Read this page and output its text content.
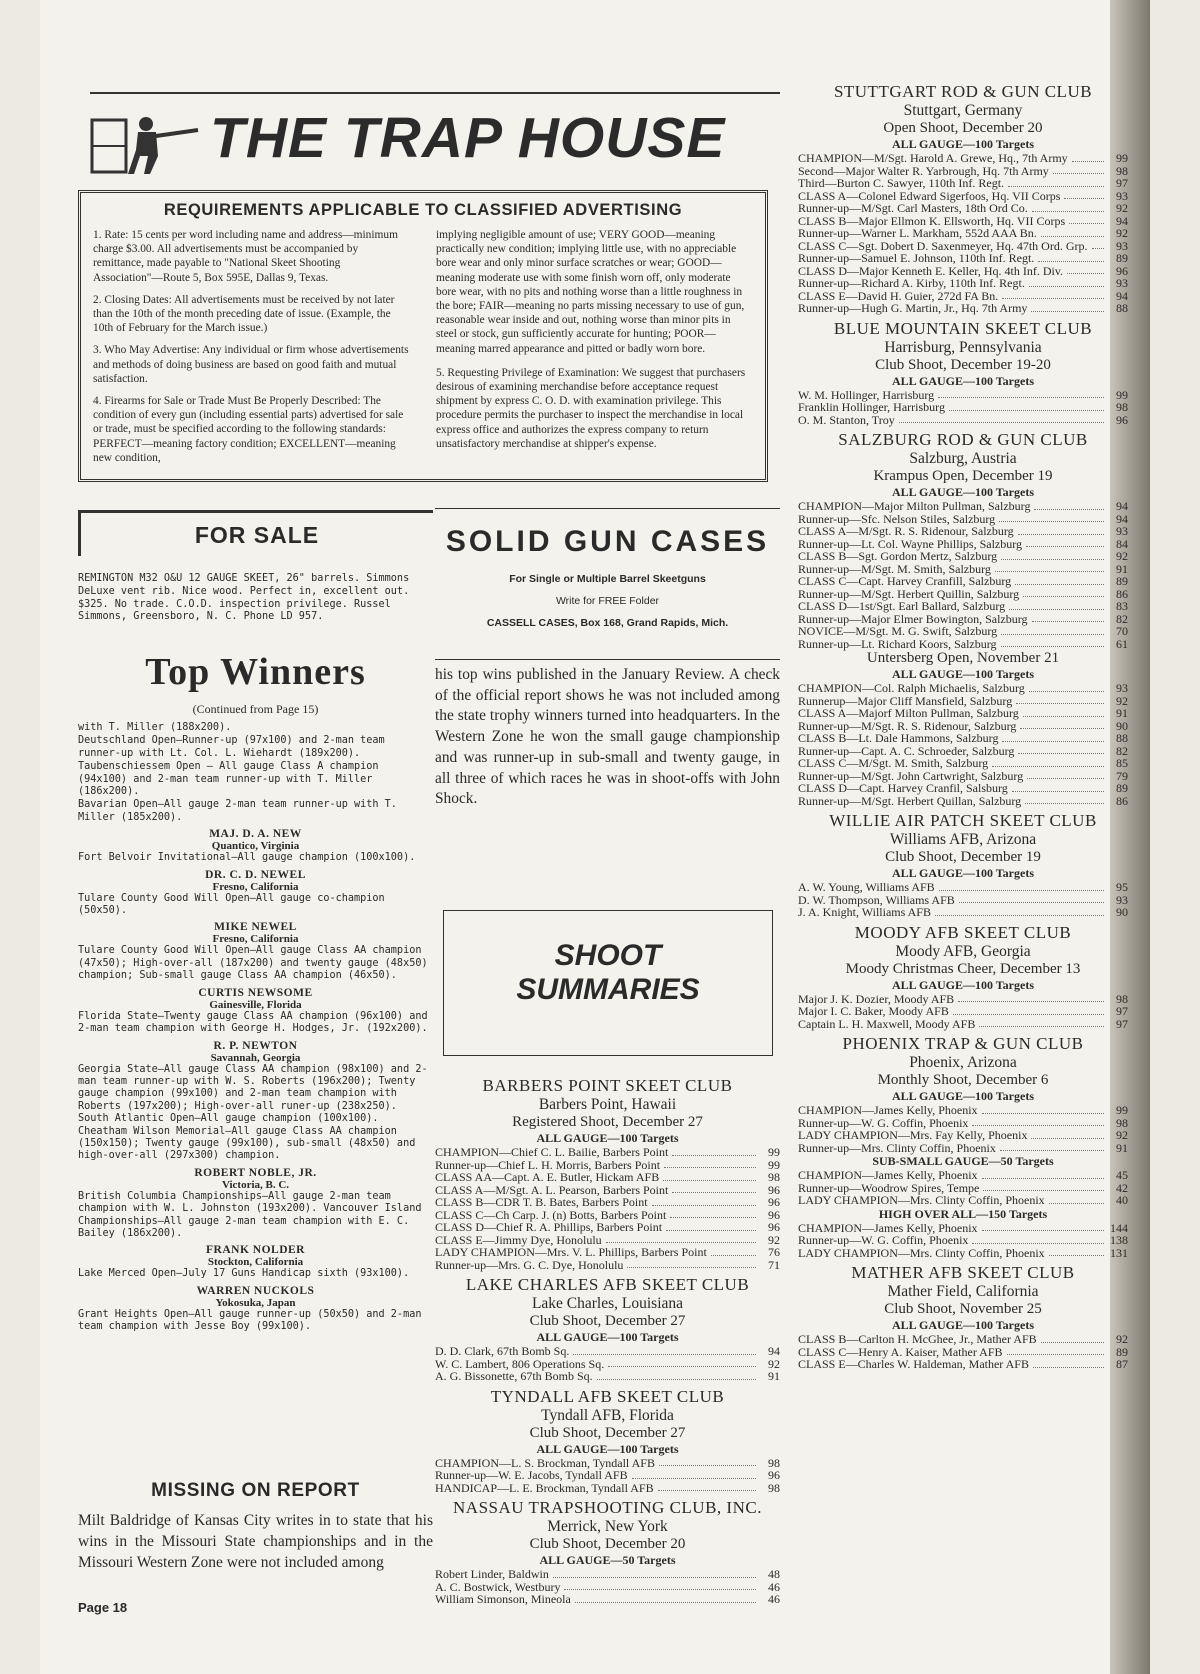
THE TRAP HOUSE
REQUIREMENTS APPLICABLE TO CLASSIFIED ADVERTISING

1. Rate: 15 cents per word including name and address—minimum charge $3.00. All advertisements must be accompanied by remittance, made payable to "National Skeet Shooting Association"—Route 5, Box 595E, Dallas 9, Texas.

2. Closing Dates: All advertisements must be received by not later than the 10th of the month preceding date of issue. (Example, the 10th of February for the March issue.)

3. Who May Advertise: Any individual or firm whose advertisements and methods of doing business are based on good faith and mutual satisfaction.

4. Firearms for Sale or Trade Must Be Properly Described: The condition of every gun (including essential parts) advertised for sale or trade, must be specified according to the following standards: PERFECT—meaning factory condition; EXCELLENT—meaning new condition,

implying negligible amount of use; VERY GOOD—meaning practically new condition; implying little use, with no appreciable bore wear and only minor surface scratches or wear; GOOD—meaning moderate use with some finish worn off, only moderate bore wear, with no pits and nothing worse than a little roughness in the bore; FAIR—meaning no parts missing necessary to use of gun, reasonable wear inside and out, nothing worse than minor pits in steel or stock, gun sufficiently accurate for hunting; POOR—meaning marred appearance and pitted or badly worn bore.

5. Requesting Privilege of Examination: We suggest that purchasers desirous of examining merchandise before acceptance request shipment by express C. O. D. with examination privilege. This procedure permits the purchaser to inspect the merchandise in local express office and authorizes the express company to return unsatisfactory merchandise at shipper's expense.

FOR SALE

REMINGTON M32 O&U 12 GAUGE SKEET, 26" barrels. Simmons DeLuxe vent rib. Nice wood. Perfect in, excellent out. $325. No trade. C.O.D. inspection privilege. Russel Simmons, Greensboro, N. C. Phone LD 957.

Top Winners
(Continued from Page 15)

with T. Miller (188x200).

Deutschland Open—Runner-up (97x100) and 2-man team runner-up with Lt. Col. L. Wiehardt (189x200).

Taubenschiessem Open — All gauge Class A champion (94x100) and 2-man team runner-up with T. Miller (186x200).

Bavarian Open—All gauge 2-man team runner-up with T. Miller (185x200).

MAJ. D. A. NEW
Quantico, Virginia

Fort Belvoir Invitational—All gauge champion (100x100).

DR. C. D. NEWEL
Fresno, California

Tulare County Good Will Open—All gauge co-champion (50x50).

MIKE NEWEL
Fresno, California

Tulare County Good Will Open—All gauge Class AA champion (47x50); High-over-all (187x200) and twenty gauge (48x50) champion; Sub-small gauge Class AA champion (46x50).

CURTIS NEWSOME
Gainesville, Florida

Florida State—Twenty gauge Class AA champion (96x100) and 2-man team champion with George H. Hodges, Jr. (192x200).

R. P. NEWTON
Savannah, Georgia

Georgia State—All gauge Class AA champion (98x100) and 2-man team runner-up with W. S. Roberts (196x200); Twenty gauge champion (99x100) and 2-man team champion with Roberts (197x200); High-over-all runer-up (238x250). South Atlantic Open—All gauge champion (100x100). Cheatham Wilson Memorial—All gauge Class AA champion (150x150); Twenty gauge (99x100), sub-small (48x50) and high-over-all (297x300) champion.

ROBERT NOBLE, JR.
Victoria, B. C.

British Columbia Championships—All gauge 2-man team champion with W. L. Johnston (193x200). Vancouver Island Championships—All gauge 2-man team champion with E. C. Bailey (186x200).

FRANK NOLDER
Stockton, California

Lake Merced Open—July 17 Guns Handicap sixth (93x100).

WARREN NUCKOLS
Yokosuka, Japan

Grant Heights Open—All gauge runner-up (50x50) and 2-man team champion with Jesse Boy (99x100).

MISSING ON REPORT

Milt Baldridge of Kansas City writes in to state that his wins in the Missouri State championships and in the Missouri Western Zone were not included among

Page 18
SOLID GUN CASES
For Single or Multiple Barrel Skeetguns
Write for FREE Folder
CASSELL CASES, Box 168, Grand Rapids, Mich.

his top wins published in the January Review. A check of the official report shows he was not included among the state trophy winners turned into headquarters. In the Western Zone he won the small gauge championship and was runner-up in sub-small and twenty gauge, in all three of which races he was in shoot-offs with John Shock.

SHOOT
SUMMARIES

BARBERS POINT SKEET CLUB

Barbers Point, Hawaii

Registered Shoot, December 27

ALL GAUGE—100 Targets

CHAMPION—Chief C. L. Bailie, Barbers Point	99
Runner-up—Chief L. H. Morris, Barbers Point	99
CLASS AA—Capt. A. E. Butler, Hickam AFB	98
CLASS A—M/Sgt. A. L. Pearson, Barbers Point	96
CLASS B—CDR T. B. Bates, Barbers Point	96
CLASS C—Ch Carp. J. (n) Botts, Barbers Point	96
CLASS D—Chief R. A. Phillips, Barbers Point	96
CLASS E—Jimmy Dye, Honolulu	92
LADY CHAMPION—Mrs. V. L. Phillips, Barbers Point	76
Runner-up—Mrs. G. C. Dye, Honolulu	71

LAKE CHARLES AFB SKEET CLUB

Lake Charles, Louisiana

Club Shoot, December 27

ALL GAUGE—100 Targets

D. D. Clark, 67th Bomb Sq.	94
W. C. Lambert, 806 Operations Sq.	92
A. G. Bissonette, 67th Bomb Sq.	91

TYNDALL AFB SKEET CLUB

Tyndall AFB, Florida

Club Shoot, December 27

ALL GAUGE—100 Targets

CHAMPION—L. S. Brockman, Tyndall AFB	98
Runner-up—W. E. Jacobs, Tyndall AFB	96
HANDICAP—L. E. Brockman, Tyndall AFB	98

NASSAU TRAPSHOOTING CLUB, INC.

Merrick, New York

Club Shoot, December 20

ALL GAUGE—50 Targets

Robert Linder, Baldwin	48
A. C. Bostwick, Westbury	46
William Simonson, Mineola	46

STUTTGART ROD & GUN CLUB

Stuttgart, Germany

Open Shoot, December 20

ALL GAUGE—100 Targets

CHAMPION—M/Sgt. Harold A. Grewe, Hq., 7th Army	99
Second—Major Walter R. Yarbrough, Hq. 7th Army	98
Third—Burton C. Sawyer, 110th Inf. Regt.	97
CLASS A—Colonel Edward Sigerfoos, Hq. VII Corps	93
Runner-up—M/Sgt. Carl Masters, 18th Ord Co.	92
CLASS B—Major Ellmon K. Ellsworth, Hq. VII Corps	94
Runner-up—Warner L. Markham, 552d AAA Bn.	92
CLASS C—Sgt. Dobert D. Saxenmeyer, Hq. 47th Ord. Grp.	93
Runner-up—Samuel E. Johnson, 110th Inf. Regt.	89
CLASS D—Major Kenneth E. Keller, Hq. 4th Inf. Div.	96
Runner-up—Richard A. Kirby, 110th Inf. Regt.	93
CLASS E—David H. Guier, 272d FA Bn.	94
Runner-up—Hugh G. Martin, Jr., Hq. 7th Army	88

BLUE MOUNTAIN SKEET CLUB

Harrisburg, Pennsylvania

Club Shoot, December 19-20

ALL GAUGE—100 Targets

W. M. Hollinger, Harrisburg	99
Franklin Hollinger, Harrisburg	98
O. M. Stanton, Troy	96

SALZBURG ROD & GUN CLUB

Salzburg, Austria

Krampus Open, December 19

ALL GAUGE—100 Targets

CHAMPION—Major Milton Pullman, Salzburg	94
Runner-up—Sfc. Nelson Stiles, Salzburg	94
CLASS A—M/Sgt. R. S. Ridenour, Salzburg	93
Runner-up—Lt. Col. Wayne Phillips, Salzburg	84
CLASS B—Sgt. Gordon Mertz, Salzburg	92
Runner-up—M/Sgt. M. Smith, Salzburg	91
CLASS C—Capt. Harvey Cranfill, Salzburg	89
Runner-up—M/Sgt. Herbert Quillin, Salzburg	86
CLASS D—1st/Sgt. Earl Ballard, Salzburg	83
Runner-up—Major Elmer Bowington, Salzburg	82
NOVICE—M/Sgt. M. G. Swift, Salzburg	70
Runner-up—Lt. Richard Koors, Salzburg	61

Untersberg Open, November 21

ALL GAUGE—100 Targets

CHAMPION—Col. Ralph Michaelis, Salzburg	93
Runnerup—Major Cliff Mansfield, Salzburg	92
CLASS A—Majorf Milton Pullman, Salzburg	91
Runner-up—M/Sgt. R. S. Ridenour, Salzburg	90
CLASS B—Lt. Dale Hammons, Salzburg	88
Runner-up—Capt. A. C. Schroeder, Salzburg	82
CLASS C—M/Sgt. M. Smith, Salzburg	85
Runner-up—M/Sgt. John Cartwright, Salzburg	79
CLASS D—Capt. Harvey Cranfil, Salsburg	89
Runner-up—M/Sgt. Herbert Quillan, Salzburg	86

WILLIE AIR PATCH SKEET CLUB

Williams AFB, Arizona

Club Shoot, December 19

ALL GAUGE—100 Targets

A. W. Young, Williams AFB	95
D. W. Thompson, Williams AFB	93
J. A. Knight, Williams AFB	90

MOODY AFB SKEET CLUB

Moody AFB, Georgia

Moody Christmas Cheer, December 13

ALL GAUGE—100 Targets

Major J. K. Dozier, Moody AFB	98
Major I. C. Baker, Moody AFB	97
Captain L. H. Maxwell, Moody AFB	97

PHOENIX TRAP & GUN CLUB

Phoenix, Arizona

Monthly Shoot, December 6

ALL GAUGE—100 Targets

CHAMPION—James Kelly, Phoenix	99
Runner-up—W. G. Coffin, Phoenix	98
LADY CHAMPION—Mrs. Fay Kelly, Phoenix	92
Runner-up—Mrs. Clinty Coffin, Phoenix	91

SUB-SMALL GAUGE—50 Targets

CHAMPION—James Kelly, Phoenix	45
Runner-up—Woodrow Spires, Tempe	42
LADY CHAMPION—Mrs. Clinty Coffin, Phoenix	40

HIGH OVER ALL—150 Targets

CHAMPION—James Kelly, Phoenix	144
Runner-up—W. G. Coffin, Phoenix	138
LADY CHAMPION—Mrs. Clinty Coffin, Phoenix	131

MATHER AFB SKEET CLUB

Mather Field, California

Club Shoot, November 25

ALL GAUGE—100 Targets

CLASS B—Carlton H. McGhee, Jr., Mather AFB	92
CLASS C—Henry A. Kaiser, Mather AFB	89
CLASS E—Charles W. Haldeman, Mather AFB	87
